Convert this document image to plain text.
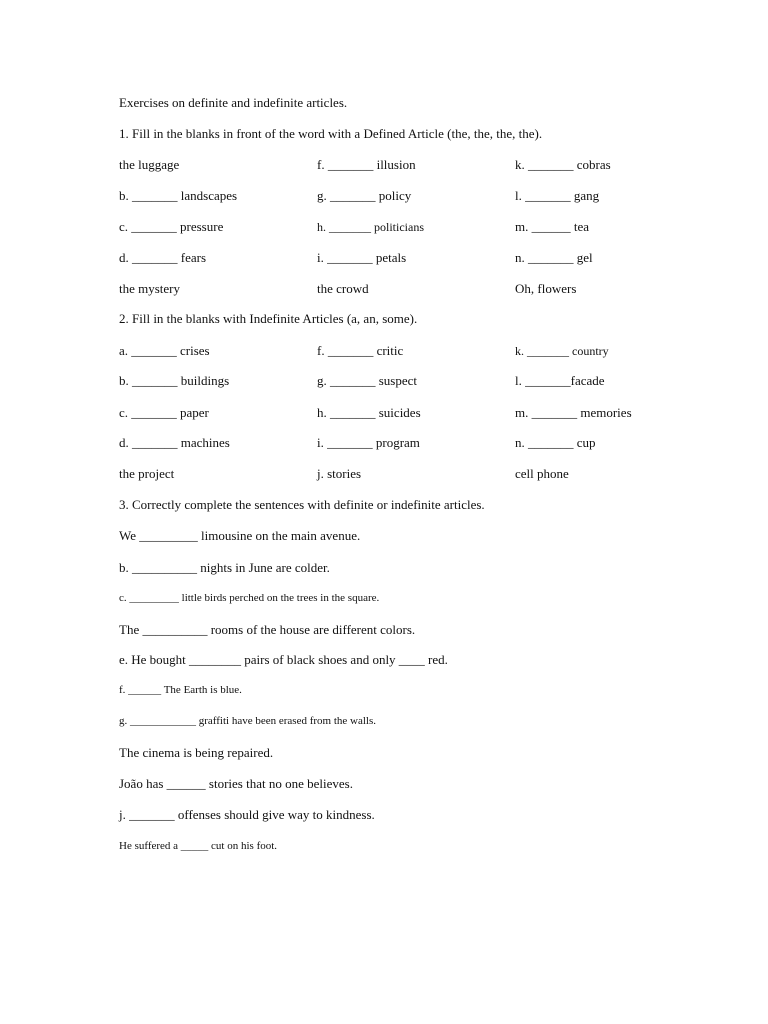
Exercises on definite and indefinite articles.
1. Fill in the blanks in front of the word with a Defined Article (the, the, the, the).
the luggage	f. _______ illusion	k. _______ cobras
b. _______ landscapes	g. _______ policy	l. _______ gang
c. _______ pressure	h. _______ politicians	m. ______ tea
d. _______ fears	i. _______ petals	n. _______ gel
the mystery	the crowd	Oh, flowers
2. Fill in the blanks with Indefinite Articles (a, an, some).
a. _______ crises	f. _______ critic	k. _______ country
b. _______ buildings	g. _______ suspect	l. _______facade
c. _______ paper	h. _______ suicides	m. _______ memories
d. _______ machines	i. _______ program	n. _______ cup
the project	j. stories	cell phone
3. Correctly complete the sentences with definite or indefinite articles.
We _________ limousine on the main avenue.
b. __________ nights in June are colder.
c. _________ little birds perched on the trees in the square.
The __________ rooms of the house are different colors.
e. He bought ________ pairs of black shoes and only ____ red.
f. ______ The Earth is blue.
g. ____________ graffiti have been erased from the walls.
The cinema is being repaired.
João has ______ stories that no one believes.
j. _______ offenses should give way to kindness.
He suffered a _____ cut on his foot.
